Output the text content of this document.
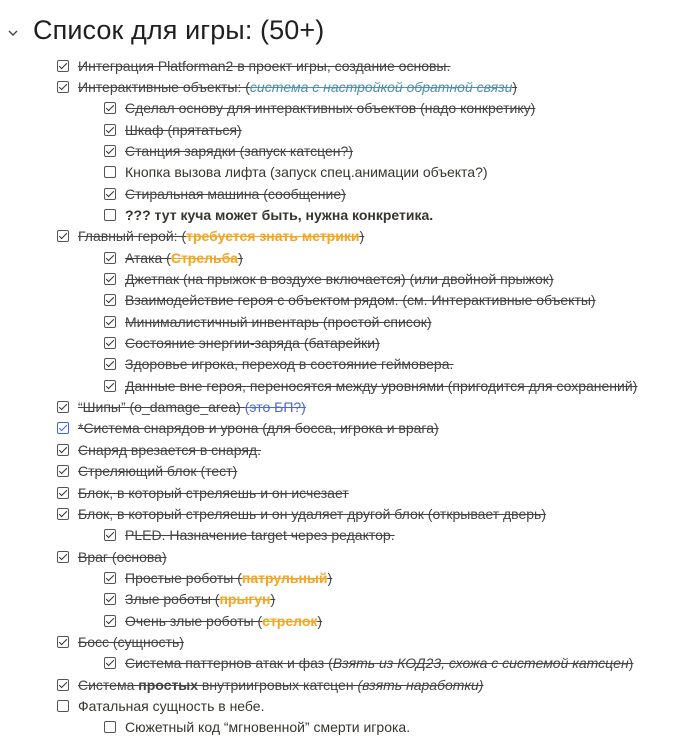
Список для игры: (50+)
Интеграция Platforman2 в проект игры, создание основы.
Интерактивные объекты: (система с настройкой обратной связи)
Сделал основу для интерактивных объектов (надо конкретику)
Шкаф (прятаться)
Станция зарядки (запуск катсцен?)
Кнопка вызова лифта (запуск спец.анимации объекта?)
Стиральная машина (сообщение)
??? тут куча может быть, нужна конкретика.
Главный герой: (требуется знать метрики)
Атака (Стрельба)
Джетпак (на прыжок в воздухе включается) (или двойной прыжок)
Взаимодействие героя с объектом рядом. (см. Интерактивные объекты)
Минималистичный инвентарь (простой список)
Состояние энергии-заряда (батарейки)
Здоровье игрока, переход в состояние геймовера.
Данные вне героя, переносятся между уровнями (пригодится для сохранений)
“Шипы” (o_damage_area) (это БП?)
*Система снарядов и урона (для босса, игрока и врага)
Снаряд врезается в снаряд.
Стреляющий блок (тест)
Блок, в который стреляешь и он исчезает
Блок, в который стреляешь и он удаляет другой блок (открывает дверь)
PLED. Назначение target через редактор.
Враг (основа)
Простые роботы (патрульный)
Злые роботы (прыгун)
Очень злые роботы (стрелок)
Босс (сущность)
Система паттернов атак и фаз (Взять из КОД23, схожа с системой катсцен)
Система простых внутриигровых катсцен (взять наработки)
Фатальная сущность в небе.
Сюжетный код “мгновенной” смерти игрока.
